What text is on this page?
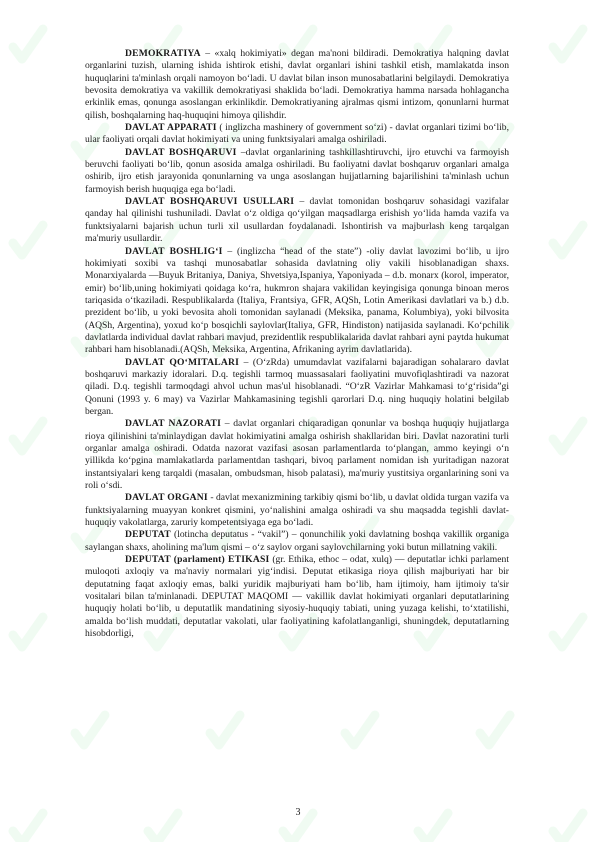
DEMOKRATIYA – «xalq hokimiyati» degan ma'noni bildiradi. Demokratiya halqning davlat organlarini tuzish, ularning ishida ishtirok etishi, davlat organlari ishini tashkil etish, mamlakatda inson huquqlarini ta'minlash orqali namoyon bo‘ladi. U davlat bilan inson munosabatlarini belgilaydi. Demokratiya bevosita demokratiya va vakillik demokratiyasi shaklida bo‘ladi. Demokratiya hamma narsada hohlagancha erkinlik emas, qonunga asoslangan erkinlikdir. Demokratiyaning ajralmas qismi intizom, qonunlarni hurmat qilish, boshqalarning haq-huquqini himoya qilishdir.

DAVLAT APPARATI ( inglizcha mashinery of government so‘zi) - davlat organlari tizimi bo‘lib, ular faoliyati orqali davlat hokimiyati va uning funktsiyalari amalga oshiriladi.

DAVLAT BOSHQARUVI –davlat organlarining tashkillashtiruvchi, ijro etuvchi va farmoyish beruvchi faoliyati bo‘lib, qonun asosida amalga oshiriladi. Bu faoliyatni davlat boshqaruv organlari amalga oshirib, ijro etish jarayonida qonunlarning va unga asoslangan hujjatlarning bajarilishini ta'minlash uchun farmoyish berish huquqiga ega bo‘ladi.

DAVLAT BOSHQARUVI USULLARI – davlat tomonidan boshqaruv sohasidagi vazifalar qanday hal qilinishi tushuniladi. Davlat o‘z oldiga qo‘yilgan maqsadlarga erishish yo‘lida hamda vazifa va funktsiyalarni bajarish uchun turli xil usullardan foydalanadi. Ishontirish va majburlash keng tarqalgan ma'muriy usullardir.

DAVLAT BOSHLIG‘I – (inglizcha “head of the state”) -oliy davlat lavozimi bo‘lib, u ijro hokimiyati soxibi va tashqi munosabatlar sohasida davlatning oliy vakili hisoblanadigan shaxs. Monarxiyalarda —Buyuk Britaniya, Daniya, Shvetsiya,Ispaniya, Yaponiyada – d.b. monarx (korol, imperator, emir) bo‘lib,uning hokimiyati qoidaga ko‘ra, hukmron shajara vakilidan keyingisiga qonunga binoan meros tariqasida o‘tkaziladi. Respublikalarda (Italiya, Frantsiya, GFR, AQSh, Lotin Amerikasi davlatlari va b.) d.b. prezident bo‘lib, u yoki bevosita aholi tomonidan saylanadi (Meksika, panama, Kolumbiya), yoki bilvosita (AQSh, Argentina), yoxud ko‘p bosqichli saylovlar(Italiya, GFR, Hindiston) natijasida saylanadi. Ko‘pchilik davlatlarda individual davlat rahbari mavjud, prezidentlik respublikalarida davlat rahbari ayni paytda hukumat rahbari ham hisoblanadi.(AQSh, Meksika, Argentina, Afrikaning ayrim davlatlarida).

DAVLAT QO‘MITALARI – (O‘zRda) umumdavlat vazifalarni bajaradigan sohalararo davlat boshqaruvi markaziy idoralari. D.q. tegishli tarmoq muassasalari faoliyatini muvofiqlashtiradi va nazorat qiladi. D.q. tegishli tarmoqdagi ahvol uchun mas'ul hisoblanadi. “O‘zR Vazirlar Mahkamasi to‘g‘risida”gi Qonuni (1993 y. 6 may) va Vazirlar Mahkamasining tegishli qarorlari D.q. ning huquqiy holatini belgilab bergan.

DAVLAT NAZORATI – davlat organlari chiqaradigan qonunlar va boshqa huquqiy hujjatlarga rioya qilinishini ta'minlaydigan davlat hokimiyatini amalga oshirish shakllaridan biri. Davlat nazoratini turli organlar amalga oshiradi. Odatda nazorat vazifasi asosan parlamentlarda to‘plangan, ammo keyingi o‘n yillikda ko‘pgina mamlakatlarda parlamentdan tashqari, bivoq parlament nomidan ish yuritadigan nazorat instantsiyalari keng tarqaldi (masalan, ombudsman, hisob palatasi), ma'muriy yustitsiya organlarining soni va roli o‘sdi.

DAVLAT ORGANI - davlat mexanizmining tarkibiy qismi bo‘lib, u davlat oldida turgan vazifa va funktsiyalarning muayyan konkret qismini, yo‘nalishini amalga oshiradi va shu maqsadda tegishli davlat-huquqiy vakolatlarga, zaruriy kompetentsiyaga ega bo‘ladi.

DEPUTAT (lotincha deputatus - “vakil”) – qonunchilik yoki davlatning boshqa vakillik organiga saylangan shaxs, aholining ma'lum qismi – o‘z saylov organi saylovchilarning yoki butun millatning vakili.

DEPUTAT (parlament) ETIKASI (gr. Ethika, ethoc – odat, xulq) — deputatlar ichki parlament muloqoti axloqiy va ma'naviy normalari yig‘indisi. Deputat etikasiga rioya qilish majburiyati har bir deputatning faqat axloqiy emas, balki yuridik majburiyati ham bo‘lib, ham ijtimoiy, ham ijtimoiy ta'sir vositalari bilan ta'minlanadi. DEPUTAT MAQOMI — vakillik davlat hokimiyati organlari deputatlarining huquqiy holati bo‘lib, u deputatlik mandatining siyosiy-huquqiy tabiati, uning yuzaga kelishi, to‘xtatilishi, amalda bo‘lish muddati, deputatlar vakolati, ular faoliyatining kafolatlanganligi, shuningdek, deputatlarning hisobdorligi,

3
